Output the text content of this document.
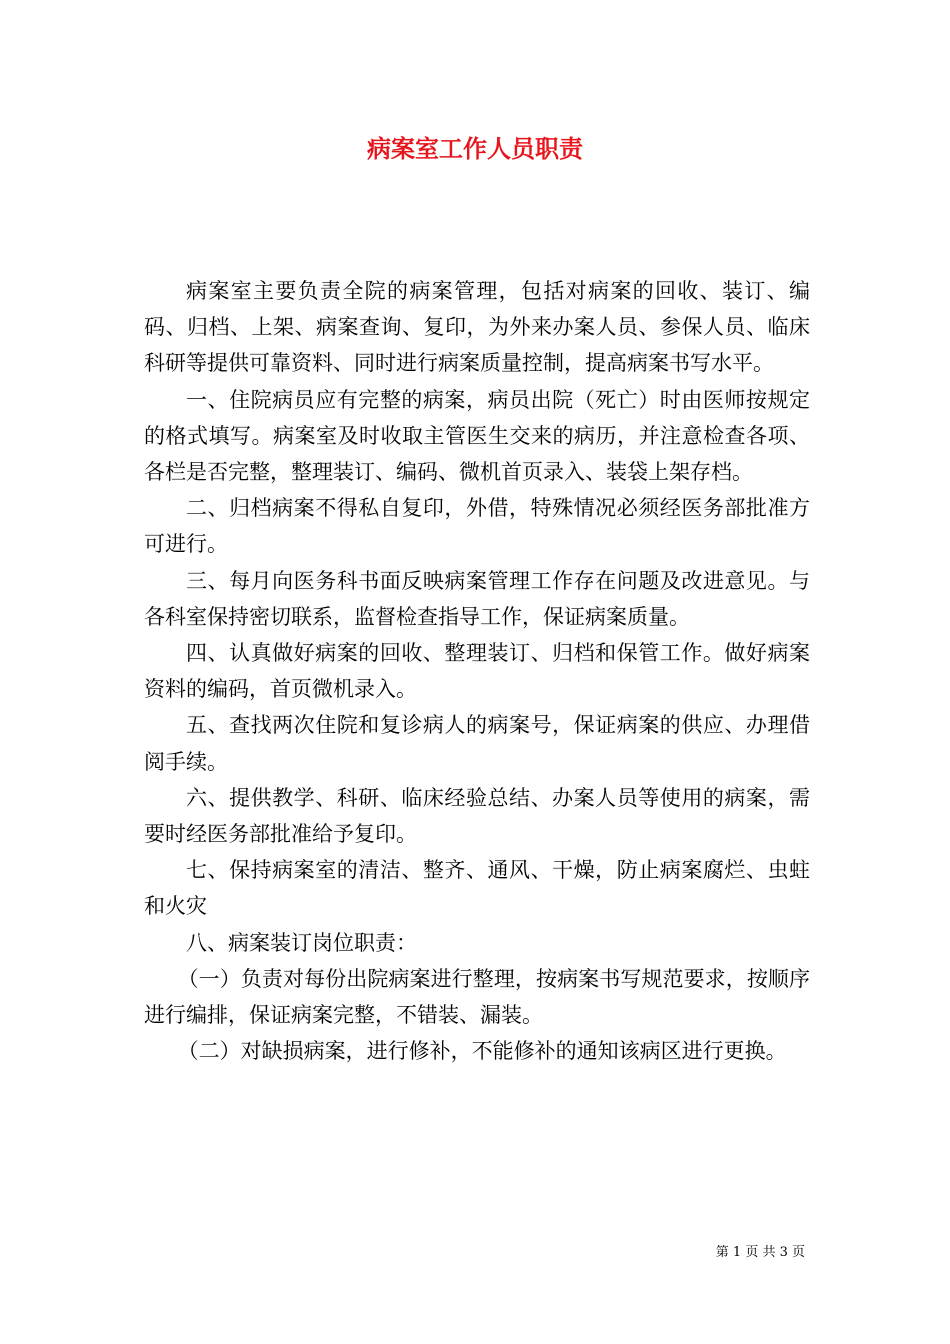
病案室工作人员职责

病案室主要负责全院的病案管理，包括对病案的回收、装订、编码、归档、上架、病案查询、复印，为外来办案人员、参保人员、临床科研等提供可靠资料、同时进行病案质量控制，提高病案书写水平。

一、住院病员应有完整的病案，病员出院（死亡）时由医师按规定的格式填写。病案室及时收取主管医生交来的病历，并注意检查各项、各栏是否完整，整理装订、编码、微机首页录入、装袋上架存档。

二、归档病案不得私自复印，外借，特殊情况必须经医务部批准方可进行。

三、每月向医务科书面反映病案管理工作存在问题及改进意见。与各科室保持密切联系，监督检查指导工作，保证病案质量。

四、认真做好病案的回收、整理装订、归档和保管工作。做好病案资料的编码，首页微机录入。

五、查找两次住院和复诊病人的病案号，保证病案的供应、办理借阅手续。

六、提供教学、科研、临床经验总结、办案人员等使用的病案，需要时经医务部批准给予复印。

七、保持病案室的清洁、整齐、通风、干燥，防止病案腐烂、虫蛀和火灾

八、病案装订岗位职责：

（一）负责对每份出院病案进行整理，按病案书写规范要求，按顺序进行编排，保证病案完整，不错装、漏装。

（二）对缺损病案，进行修补，不能修补的通知该病区进行更换。

第 1 页 共 3 页
